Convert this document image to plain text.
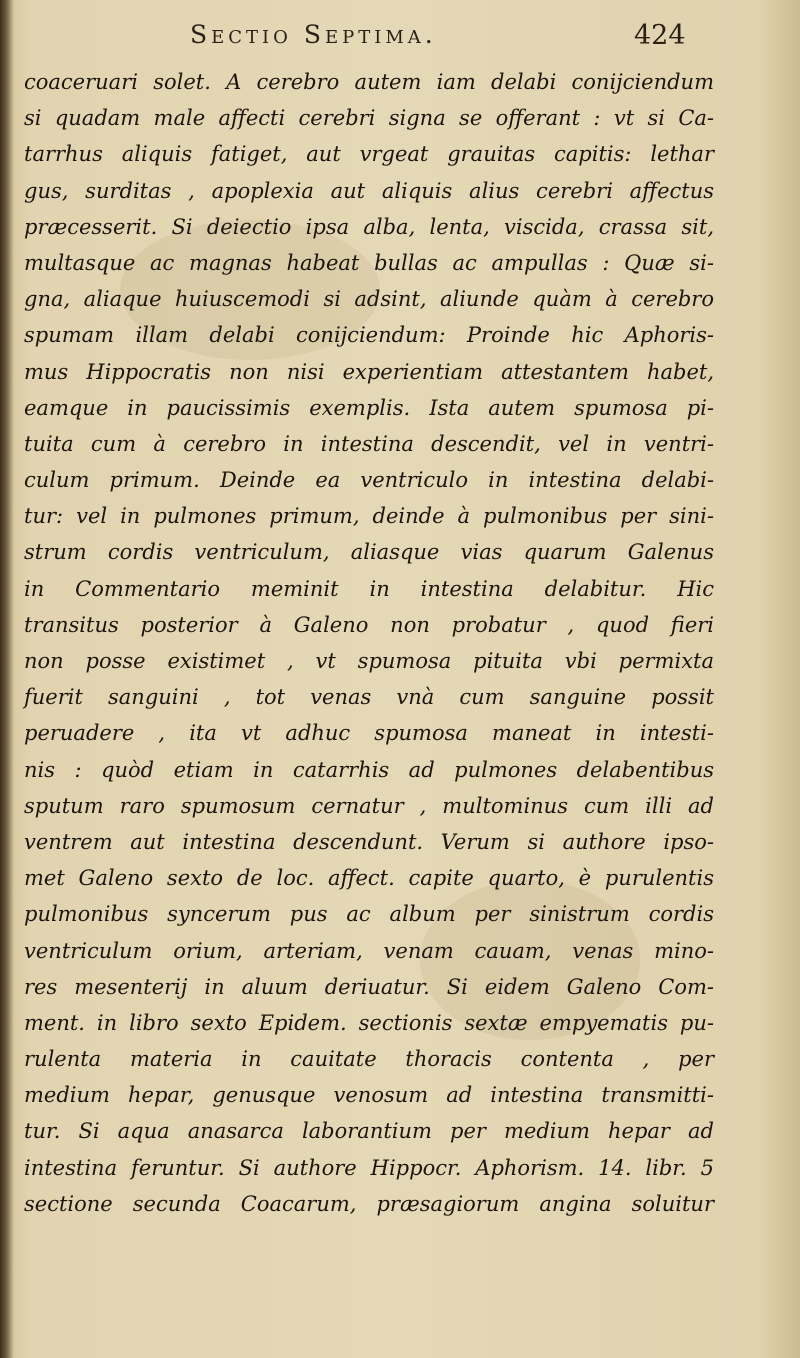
Sectio Septima.	424
coaceruari solet. A cerebro autem iam delabi conijciendum
si quadam male affecti cerebri signa se offerant : vt si Ca-
tarrhus aliquis fatiget, aut vrgeat grauitas capitis: lethar
gus, surditas , apoplexia aut aliquis alius cerebri affectus
præcesserit. Si deiectio ipsa alba, lenta, viscida, crassa sit,
multasque ac magnas habeat bullas ac ampullas : Quæ si-
gna, aliaque huiuscemodi si adsint, aliunde quàm à cerebro
spumam illam delabi conijciendum: Proinde hic Aphoris-
mus Hippocratis non nisi experientiam attestantem habet,
eamque in paucissimis exemplis. Ista autem spumosa pi-
tuita cum à cerebro in intestina descendit, vel in ventri-
culum primum. Deinde ea ventriculo in intestina delabi-
tur: vel in pulmones primum, deinde à pulmonibus per sini-
strum cordis ventriculum, aliasque vias quarum Galenus
in Commentario meminit in intestina delabitur. Hic
transitus posterior à Galeno non probatur , quod fieri
non posse existimet , vt spumosa pituita vbi permixta
fuerit sanguini , tot venas vnà cum sanguine possit
peruadere , ita vt adhuc spumosa maneat in intesti-
nis : quòd etiam in catarrhis ad pulmones delabentibus
sputum raro spumosum cernatur , multominus cum illi ad
ventrem aut intestina descendunt. Verum si authore ipso-
met Galeno sexto de loc. affect. capite quarto, è purulentis
pulmonibus syncerum pus ac album per sinistrum cordis
ventriculum orium, arteriam, venam cauam, venas mino-
res mesenterij in aluum deriuatur. Si eidem Galeno Com-
ment. in libro sexto Epidem. sectionis sextæ empyematis pu-
rulenta materia in cauitate thoracis contenta , per
medium hepar, genusque venosum ad intestina transmitti-
tur. Si aqua anasarca laborantium per medium hepar ad
intestina feruntur. Si authore Hippocr. Aphorism. 14. libr. 5
sectione secunda Coacarum, præsagiorum angina soluitur
